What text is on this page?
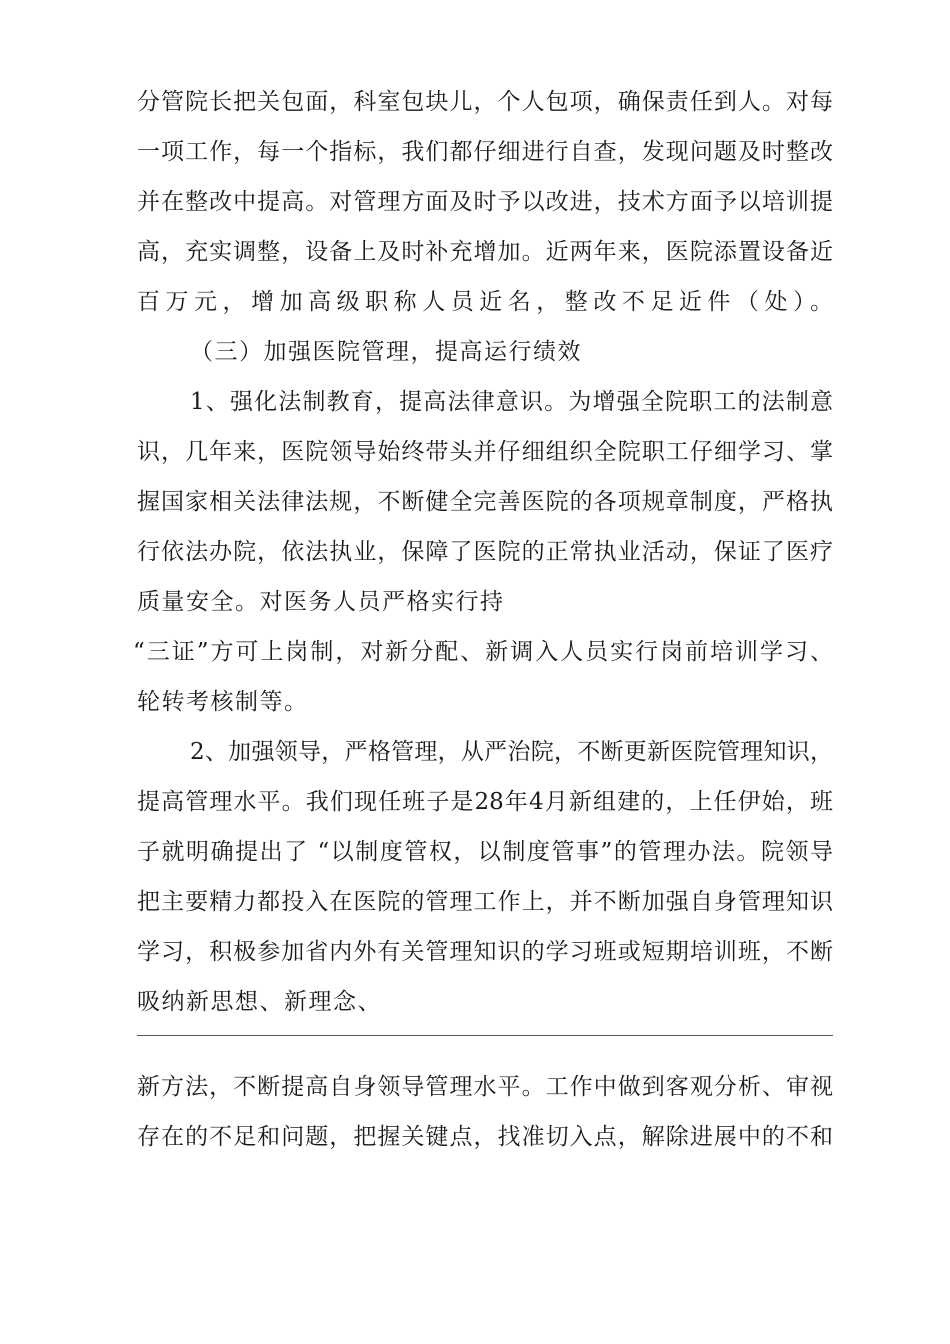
分管院长把关包面，科室包块儿，个人包项，确保责任到人。对每
一项工作，每一个指标，我们都仔细进行自查，发现问题及时整改
并在整改中提高。对管理方面及时予以改进，技术方面予以培训提
高，充实调整，设备上及时补充增加。近两年来，医院添置设备近
百万元，增加高级职称人员近名，整改不足近件（处）。
（三）加强医院管理，提高运行绩效
1、强化法制教育，提高法律意识。为增强全院职工的法制意
识，几年来，医院领导始终带头并仔细组织全院职工仔细学习、掌
握国家相关法律法规，不断健全完善医院的各项规章制度，严格执
行依法办院，依法执业，保障了医院的正常执业活动，保证了医疗
质量安全。对医务人员严格实行持
“三证”方可上岗制，对新分配、新调入人员实行岗前培训学习、
轮转考核制等。
2、加强领导，严格管理，从严治院，不断更新医院管理知识，
提高管理水平。我们现任班子是28年4月新组建的，上任伊始，班
子就明确提出了 “以制度管权，以制度管事”的管理办法。院领导
把主要精力都投入在医院的管理工作上，并不断加强自身管理知识
学习，积极参加省内外有关管理知识的学习班或短期培训班，不断
吸纳新思想、新理念、
新方法，不断提高自身领导管理水平。工作中做到客观分析、审视
存在的不足和问题，把握关键点，找准切入点，解除进展中的不和
